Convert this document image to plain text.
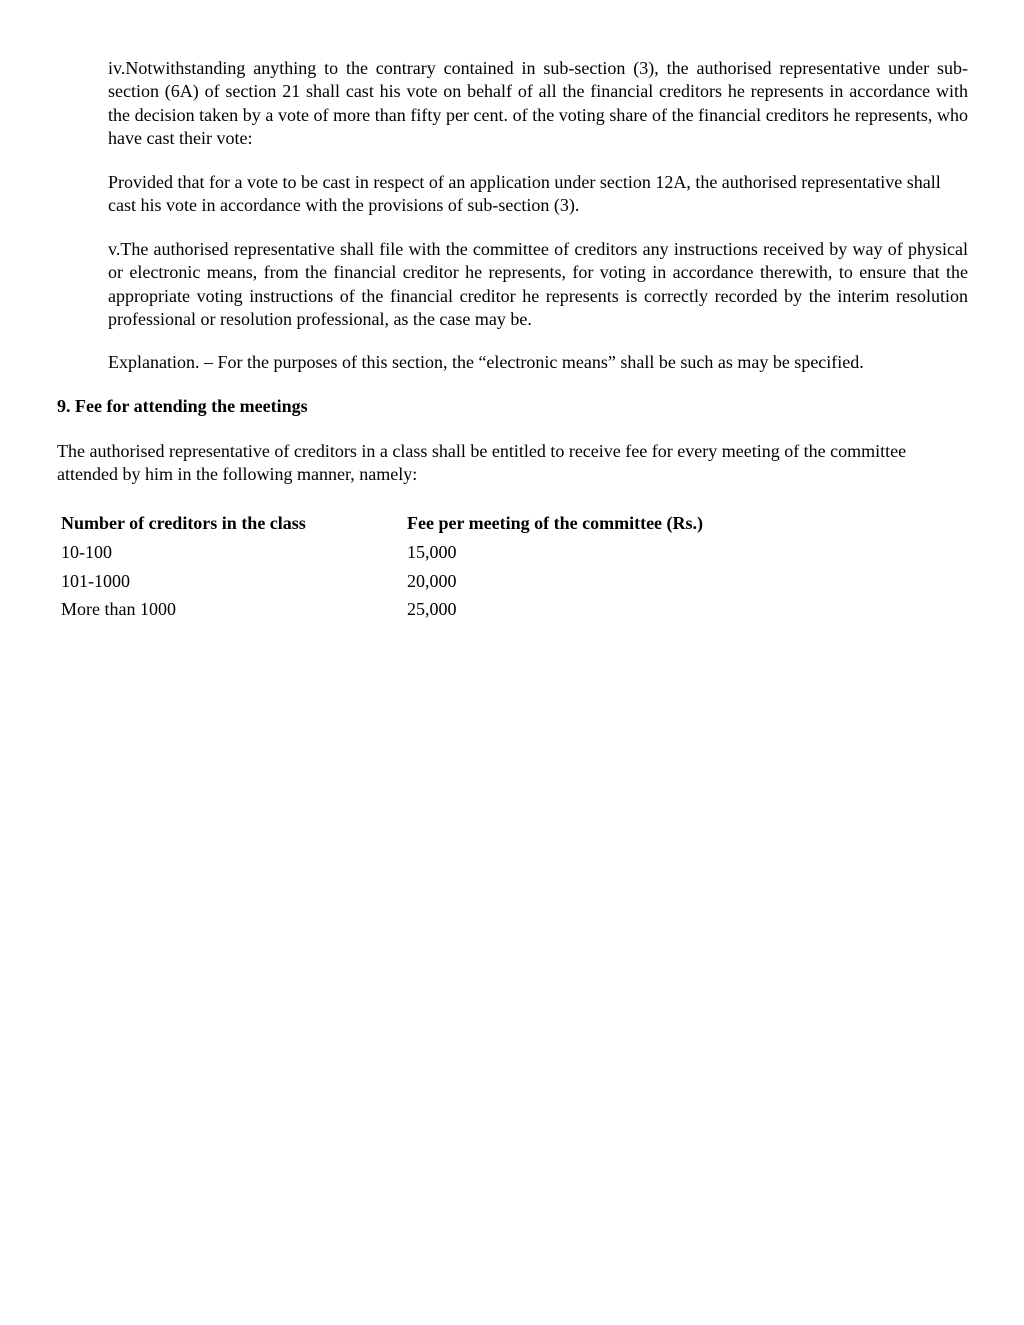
iv.Notwithstanding anything to the contrary contained in sub-section (3), the authorised representative under sub-section (6A) of section 21 shall cast his vote on behalf of all the financial creditors he represents in accordance with the decision taken by a vote of more than fifty per cent. of the voting share of the financial creditors he represents, who have cast their vote:

Provided that for a vote to be cast in respect of an application under section 12A, the authorised representative shall cast his vote in accordance with the provisions of sub-section (3).

v.The authorised representative shall file with the committee of creditors any instructions received by way of physical or electronic means, from the financial creditor he represents, for voting in accordance therewith, to ensure that the appropriate voting instructions of the financial creditor he represents is correctly recorded by the interim resolution professional or resolution professional, as the case may be.

Explanation. – For the purposes of this section, the “electronic means” shall be such as may be specified.

9. Fee for attending the meetings

The authorised representative of creditors in a class shall be entitled to receive fee for every meeting of the committee attended by him in the following manner, namely:

Number of creditors in the class	Fee per meeting of the committee (Rs.)
10-100	15,000
101-1000	20,000
More than 1000	25,000
